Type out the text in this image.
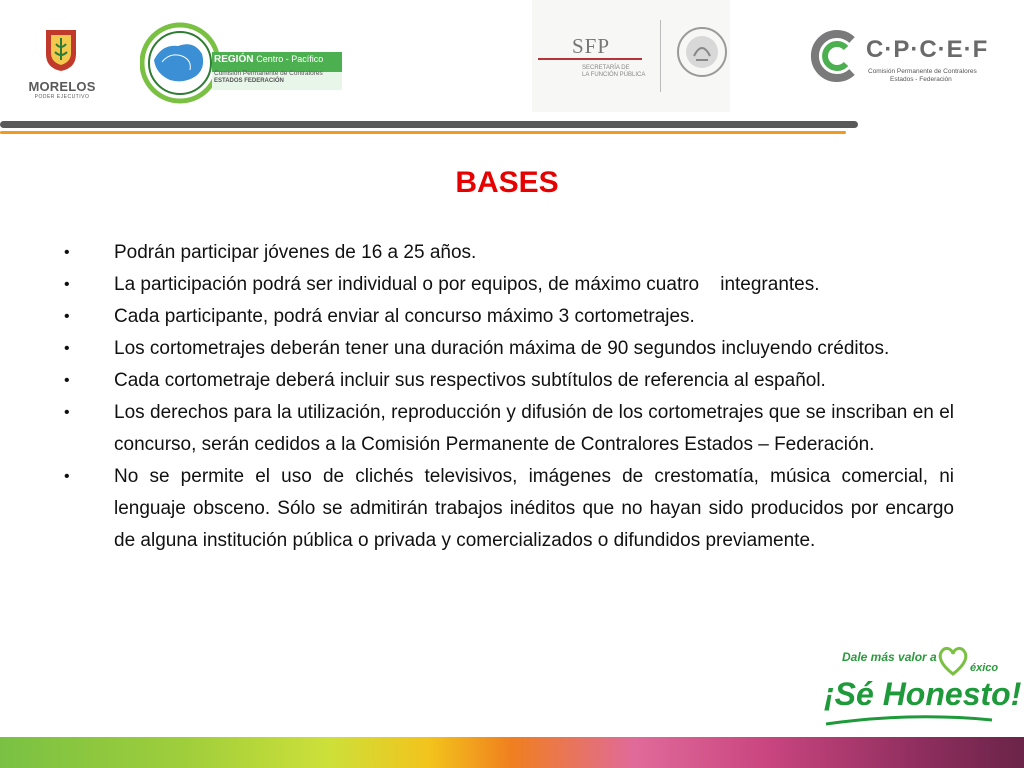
MORELOS
PODER EJECUTIVO
REGIÓN Centro - Pacífico
Comisión Permanente de Contralores
ESTADOS FEDERACIÓN
SFP
SECRETARÍA DE
LA FUNCIÓN PÚBLICA
C·P·C·E·F
Comisión Permanente de Contralores
Estados - Federación
BASES
• Podrán participar jóvenes de 16 a 25 años.
• La participación podrá ser individual o por equipos, de máximo cuatro    integrantes.
• Cada participante, podrá enviar al concurso máximo 3 cortometrajes.
• Los cortometrajes deberán tener una duración máxima de 90 segundos incluyendo créditos.
• Cada cortometraje deberá incluir sus respectivos subtítulos de referencia al español.
• Los derechos para la utilización, reproducción y difusión de los cortometrajes que se inscriban en el concurso, serán cedidos a la Comisión Permanente de Contralores Estados – Federación.
• No se permite el uso de clichés televisivos, imágenes de crestomatía, música comercial, ni lenguaje obsceno. Sólo se admitirán trabajos inéditos que no hayan sido producidos por encargo de alguna institución pública o privada y comercializados o difundidos previamente.
Dale más valor a
éxico
¡Sé Honesto!
